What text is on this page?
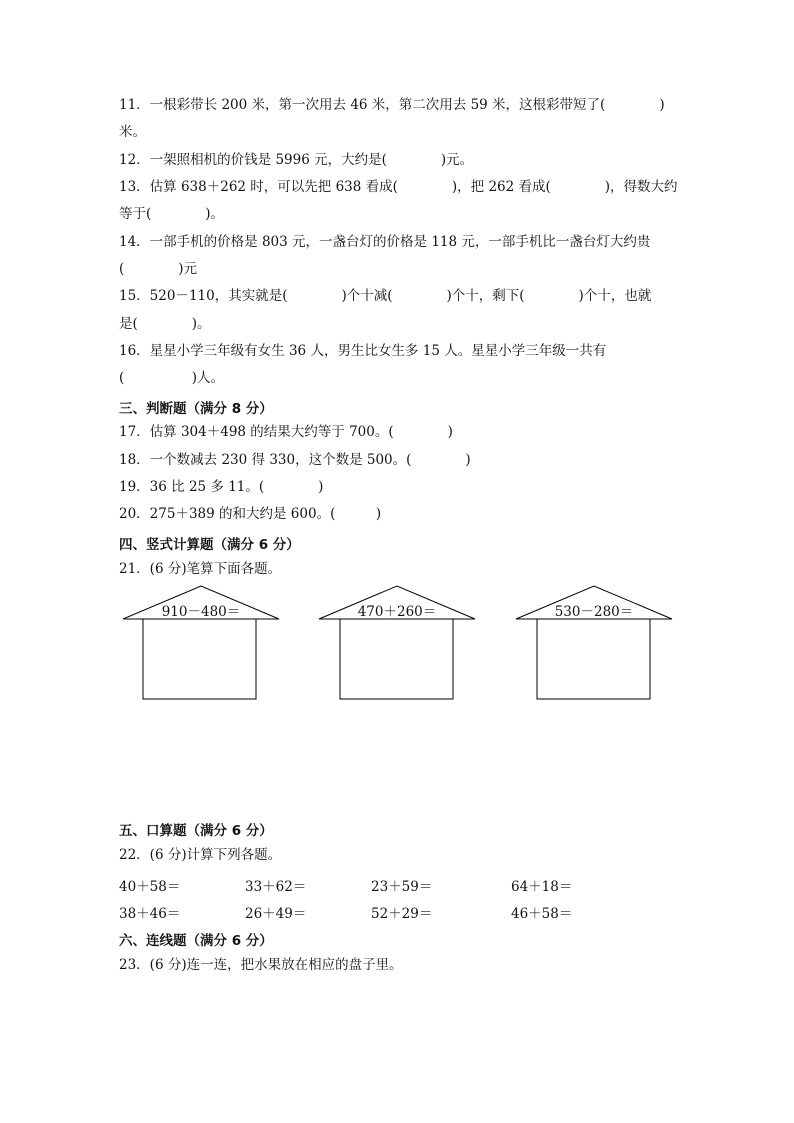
11．一根彩带长 200 米，第一次用去 46 米，第二次用去 59 米，这根彩带短了(　　　　)
米。
12．一架照相机的价钱是 5996 元，大约是(　　　　)元。
13．估算 638＋262 时，可以先把 638 看成(　　　　)，把 262 看成(　　　　)，得数大约
等于(　　　　)。
14．一部手机的价格是 803 元，一盏台灯的价格是 118 元，一部手机比一盏台灯大约贵
(　　　　)元
15．520－110，其实就是(　　　　)个十减(　　　　)个十，剩下(　　　　)个十，也就
是(　　　　)。
16．星星小学三年级有女生 36 人，男生比女生多 15 人。星星小学三年级一共有
(　　　　　)人。
三、判断题（满分 8 分）
17．估算 304＋498 的结果大约等于 700。(　　　　)
18．一个数减去 230 得 330，这个数是 500。(　　　　)
19．36 比 25 多 11。(　　　　)
20．275＋389 的和大约是 600。(　　　)
四、竖式计算题（满分 6 分）
21．(6 分)笔算下面各题。
910－480＝	470＋260＝	530－280＝
五、口算题（满分 6 分）
22．(6 分)计算下列各题。
40＋58＝	33＋62＝	23＋59＝	64＋18＝
38＋46＝	26＋49＝	52＋29＝	46＋58＝
六、连线题（满分 6 分）
23．(6 分)连一连，把水果放在相应的盘子里。
